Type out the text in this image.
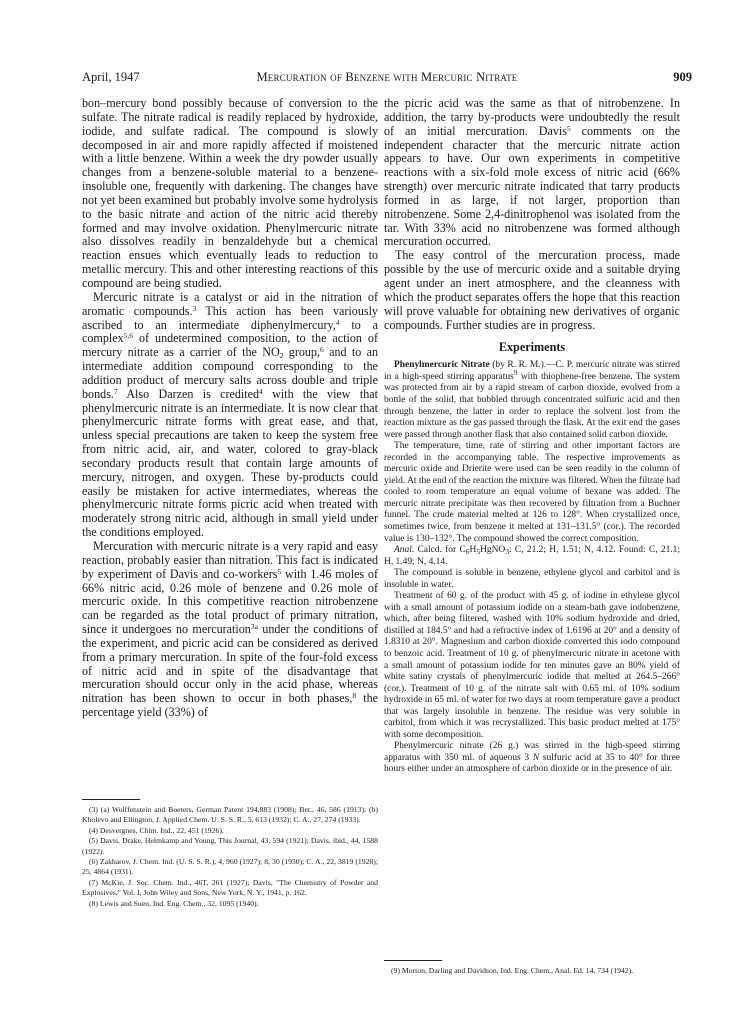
April, 1947	Mercuration of Benzene with Mercuric Nitrate	909

bon–mercury bond possibly because of conversion to the sulfate. The nitrate radical is readily replaced by hydroxide, iodide, and sulfate radical. The compound is slowly decomposed in air and more rapidly affected if moistened with a little benzene. Within a week the dry powder usually changes from a benzene-soluble material to a benzene-insoluble one, frequently with darkening. The changes have not yet been examined but probably involve some hydrolysis to the basic nitrate and action of the nitric acid thereby formed and may involve oxidation. Phenylmercuric nitrate also dissolves readily in benzaldehyde but a chemical reaction ensues which eventually leads to reduction to metallic mercury. This and other interesting reactions of this compound are being studied.

Mercuric nitrate is a catalyst or aid in the nitration of aromatic compounds.$^3$ This action has been variously ascribed to an intermediate diphenylmercury,$^4$ to a complex$^{5,6}$ of undetermined composition, to the action of mercury nitrate as a carrier of the $NO_2$ group,$^6$ and to an intermediate addition compound corresponding to the addition product of mercury salts across double and triple bonds.$^7$ Also Darzen is credited$^4$ with the view that phenylmercuric nitrate is an intermediate. It is now clear that phenylmercuric nitrate forms with great ease, and that, unless special precautions are taken to keep the system free from nitric acid, air, and water, colored to gray-black secondary products result that contain large amounts of mercury, nitrogen, and oxygen. These by-products could easily be mistaken for active intermediates, whereas the phenylmercuric nitrate forms picric acid when treated with moderately strong nitric acid, although in small yield under the conditions employed.

Mercuration with mercuric nitrate is a very rapid and easy reaction, probably easier than nitration. This fact is indicated by experiment of Davis and co-workers$^5$ with 1.46 moles of 66% nitric acid, 0.26 mole of benzene and 0.26 mole of mercuric oxide. In this competitive reaction nitrobenzene can be regarded as the total product of primary nitration, since it undergoes no mercuration$^{3a}$ under the conditions of the experiment, and picric acid can be considered as derived from a primary mercuration. In spite of the four-fold excess of nitric acid and in spite of the disadvantage that mercuration should occur only in the acid phase, whereas nitration has been shown to occur in both phases,$^8$ the percentage yield (33%) of

(3) (a) Wolffenstein and Boeters, German Patent 194,883 (1908); Ber., 46, 586 (1913); (b) Kholevo and Ellington, J. Applied Chem. U. S. S. R., 5, 613 (1932); C. A., 27, 274 (1933).

(4) Desvergnes, Chim. Ind., 22, 451 (1926).

(5) Davis, Drake, Helmkamp and Young, This Journal, 43, 594 (1921); Davis, ibid., 44, 1588 (1922).

(6) Zakharov, J. Chem. Ind. (U. S. S. R.), 4, 960 (1927); 8, 30 (1930); C. A., 22, 3819 (1928); 25, 4864 (1931).

(7) McKie, J. Soc. Chem. Ind., 46T, 261 (1927); Davis, "The Chemistry of Powder and Explosives," Vol. I, John Wiley and Sons, New York, N. Y., 1941, p. 162.

(8) Lewis and Suen, Ind. Eng. Chem., 32, 1095 (1940).

the picric acid was the same as that of nitrobenzene. In addition, the tarry by-products were undoubtedly the result of an initial mercuration. Davis$^5$ comments on the independent character that the mercuric nitrate action appears to have. Our own experiments in competitive reactions with a six-fold mole excess of nitric acid (66% strength) over mercuric nitrate indicated that tarry products formed in as large, if not larger, proportion than nitrobenzene. Some 2,4-dinitrophenol was isolated from the tar. With 33% acid no nitrobenzene was formed although mercuration occurred.

The easy control of the mercuration process, made possible by the use of mercuric oxide and a suitable drying agent under an inert atmosphere, and the cleanness with which the product separates offers the hope that this reaction will prove valuable for obtaining new derivatives of organic compounds. Further studies are in progress.

Experiments

Phenylmercuric Nitrate (by R. R. M.).—C. P. mercuric nitrate was stirred in a high-speed stirring apparatus$^9$ with thiophene-free benzene. The system was protected from air by a rapid stream of carbon dioxide, evolved from a bottle of the solid, that bubbled through concentrated sulfuric acid and then through benzene, the latter in order to replace the solvent lost from the reaction mixture as the gas passed through the flask. At the exit end the gases were passed through another flask that also contained solid carbon dioxide.

The temperature, time, rate of stirring and other important factors are recorded in the accompanying table. The respective improvements as mercuric oxide and Drierite were used can be seen readily in the column of yield. At the end of the reaction the mixture was filtered. When the filtrate had cooled to room temperature an equal volume of hexane was added. The mercuric nitrate precipitate was then recovered by filtration from a Buchner funnel. The crude material melted at 126 to 128°. When crystallized once, sometimes twice, from benzene it melted at 131–131.5° (cor.). The recorded value is 130–132°. The compound showed the correct composition.

Anal. Calcd. for $C_6H_5HgNO_3$: C, 21.2; H, 1.51; N, 4.12. Found: C, 21.1; H, 1.49; N, 4.14.

The compound is soluble in benzene, ethylene glycol and carbitol and is insoluble in water.

Treatment of 60 g. of the product with 45 g. of iodine in ethylene glycol with a small amount of potassium iodide on a steam-bath gave iodobenzene, which, after being filtered, washed with 10% sodium hydroxide and dried, distilled at 184.5° and had a refractive index of 1.6196 at 20° and a density of 1.8310 at 20°. Magnesium and carbon dioxide converted this iodo compound to benzoic acid. Treatment of 10 g. of phenylmercuric nitrate in acetone with a small amount of potassium iodide for ten minutes gave an 80% yield of white satiny crystals of phenylmercuric iodide that melted at 264.5–266° (cor.). Treatment of 10 g. of the nitrate salt with 0.65 ml. of 10% sodium hydroxide in 65 ml. of water for two days at room temperature gave a product that was largely insoluble in benzene. The residue was very soluble in carbitol, from which it was recrystallized. This basic product melted at 175° with some decomposition.

Phenylmercuric nitrate (26 g.) was stirred in the high-speed stirring apparatus with 350 ml. of aqueous 3 N sulfuric acid at 35 to 40° for three hours either under an atmosphere of carbon dioxide or in the presence of air.

(9) Morton, Darling and Davidson, Ind. Eng. Chem., Anal. Ed. 14, 734 (1942).
